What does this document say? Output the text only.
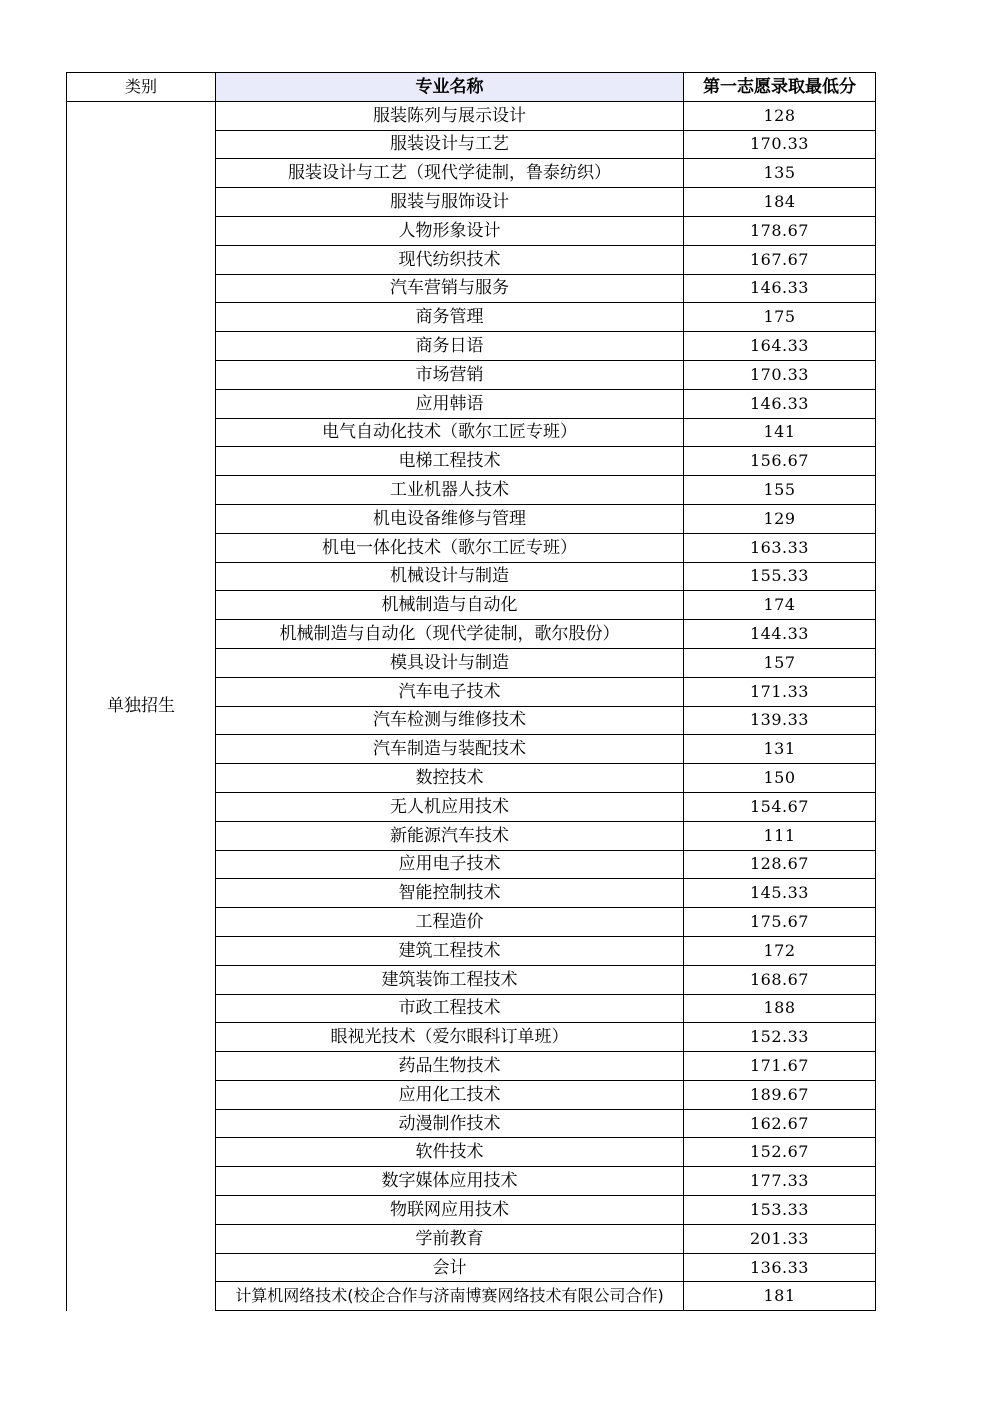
类别	专业名称	第一志愿录取最低分
单独招生	服装陈列与展示设计	128
	服装设计与工艺	170.33
	服装设计与工艺（现代学徒制，鲁泰纺织）	135
	服装与服饰设计	184
	人物形象设计	178.67
	现代纺织技术	167.67
	汽车营销与服务	146.33
	商务管理	175
	商务日语	164.33
	市场营销	170.33
	应用韩语	146.33
	电气自动化技术（歌尔工匠专班）	141
	电梯工程技术	156.67
	工业机器人技术	155
	机电设备维修与管理	129
	机电一体化技术（歌尔工匠专班）	163.33
	机械设计与制造	155.33
	机械制造与自动化	174
	机械制造与自动化（现代学徒制，歌尔股份）	144.33
	模具设计与制造	157
	汽车电子技术	171.33
	汽车检测与维修技术	139.33
	汽车制造与装配技术	131
	数控技术	150
	无人机应用技术	154.67
	新能源汽车技术	111
	应用电子技术	128.67
	智能控制技术	145.33
	工程造价	175.67
	建筑工程技术	172
	建筑装饰工程技术	168.67
	市政工程技术	188
	眼视光技术（爱尔眼科订单班）	152.33
	药品生物技术	171.67
	应用化工技术	189.67
	动漫制作技术	162.67
	软件技术	152.67
	数字媒体应用技术	177.33
	物联网应用技术	153.33
	学前教育	201.33
	会计	136.33
	计算机网络技术(校企合作与济南博赛网络技术有限公司合作)	181
